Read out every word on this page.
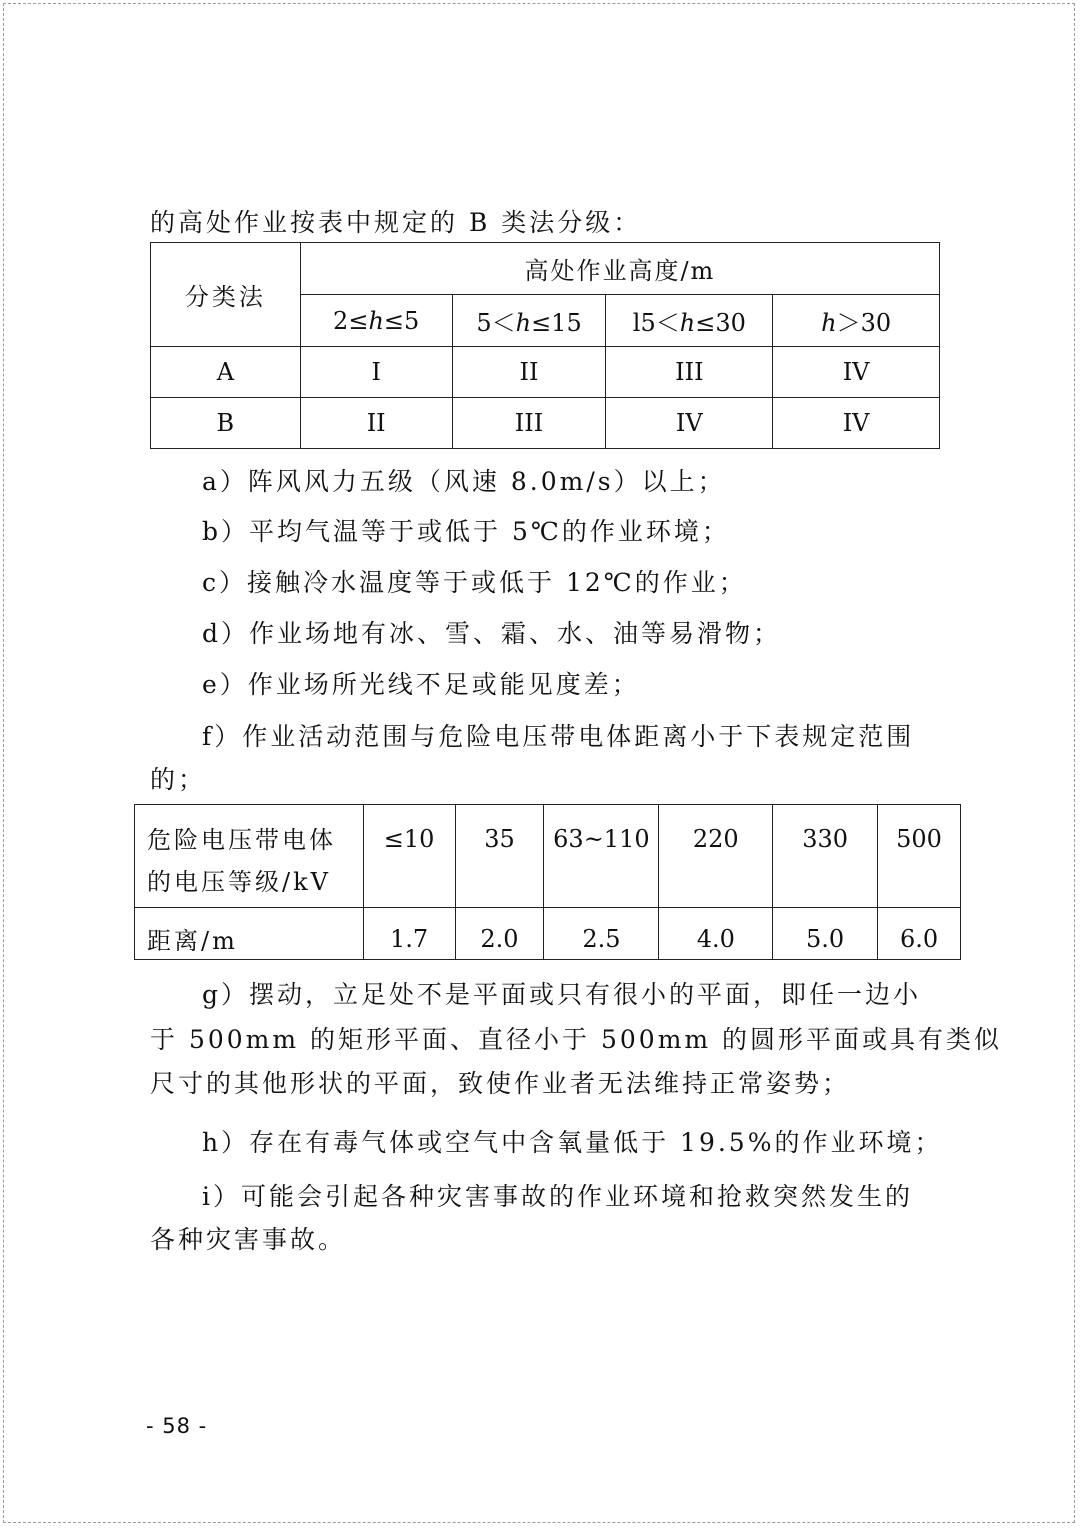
的高处作业按表中规定的 B 类法分级：
分类法	高处作业高度/m			
	2≤h≤5	5＜h≤15	l5＜h≤30	h＞30
A	I	II	III	IV
B	II	III	IV	IV
a）阵风风力五级（风速 8.0m/s）以上；
b）平均气温等于或低于 5℃的作业环境；
c）接触冷水温度等于或低于 12℃的作业；
d）作业场地有冰、雪、霜、水、油等易滑物；
e）作业场所光线不足或能见度差；
f）作业活动范围与危险电压带电体距离小于下表规定范围
的；
危险电压带电体
的电压等级/kV	≤10	35	63~110	220	330	500
距离/m	1.7	2.0	2.5	4.0	5.0	6.0
g）摆动，立足处不是平面或只有很小的平面，即任一边小
于 500mm 的矩形平面、直径小于 500mm 的圆形平面或具有类似
尺寸的其他形状的平面，致使作业者无法维持正常姿势；
h）存在有毒气体或空气中含氧量低于 19.5%的作业环境；
i）可能会引起各种灾害事故的作业环境和抢救突然发生的
各种灾害事故。
- 58 -
